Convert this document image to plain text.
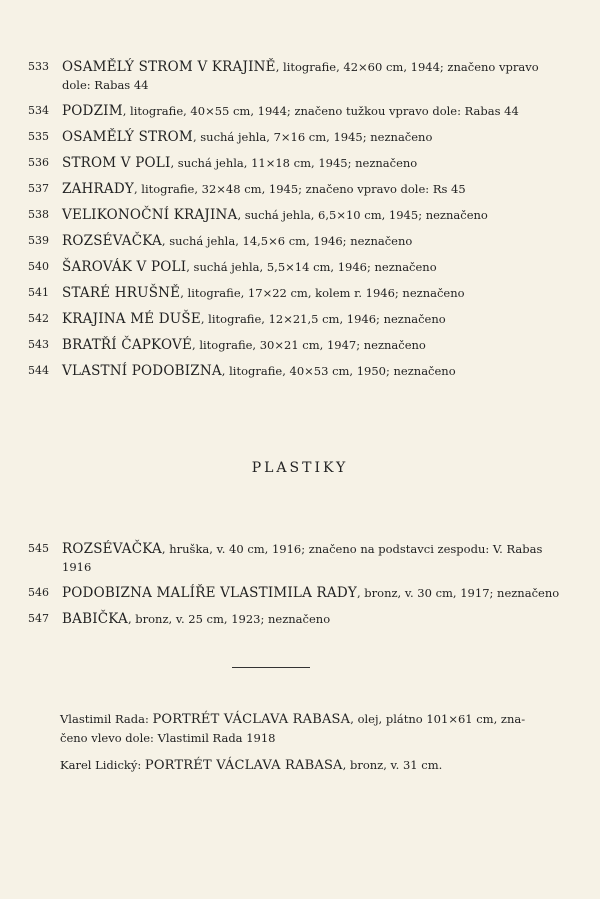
533 OSAMĚLÝ STROM V KRAJINĚ, litografie, 42×60 cm, 1944; značeno vpravo
dole: Rabas 44
534 PODZIM, litografie, 40×55 cm, 1944; značeno tužkou vpravo dole: Rabas 44
535 OSAMĚLÝ STROM, suchá jehla, 7×16 cm, 1945; neznačeno
536 STROM V POLI, suchá jehla, 11×18 cm, 1945; neznačeno
537 ZAHRADY, litografie, 32×48 cm, 1945; značeno vpravo dole: Rs 45
538 VELIKONOČNÍ KRAJINA, suchá jehla, 6,5×10 cm, 1945; neznačeno
539 ROZSÉVAČKA, suchá jehla, 14,5×6 cm, 1946; neznačeno
540 ŠAROVÁK V POLI, suchá jehla, 5,5×14 cm, 1946; neznačeno
541 STARÉ HRUŠNĚ, litografie, 17×22 cm, kolem r. 1946; neznačeno
542 KRAJINA MÉ DUŠE, litografie, 12×21,5 cm, 1946; neznačeno
543 BRATŘÍ ČAPKOVÉ, litografie, 30×21 cm, 1947; neznačeno
544 VLASTNÍ PODOBIZNA, litografie, 40×53 cm, 1950; neznačeno
PLASTIKY
545 ROZSÉVAČKA, hruška, v. 40 cm, 1916; značeno na podstavci zespodu: V. Rabas
1916
546 PODOBIZNA MALÍŘE VLASTIMILA RADY, bronz, v. 30 cm, 1917; neznačeno
547 BABIČKA, bronz, v. 25 cm, 1923; neznačeno
Vlastimil Rada: PORTRÉT VÁCLAVA RABASA, olej, plátno 101×61 cm, zna-
čeno vlevo dole: Vlastimil Rada 1918
Karel Lidický: PORTRÉT VÁCLAVA RABASA, bronz, v. 31 cm.
